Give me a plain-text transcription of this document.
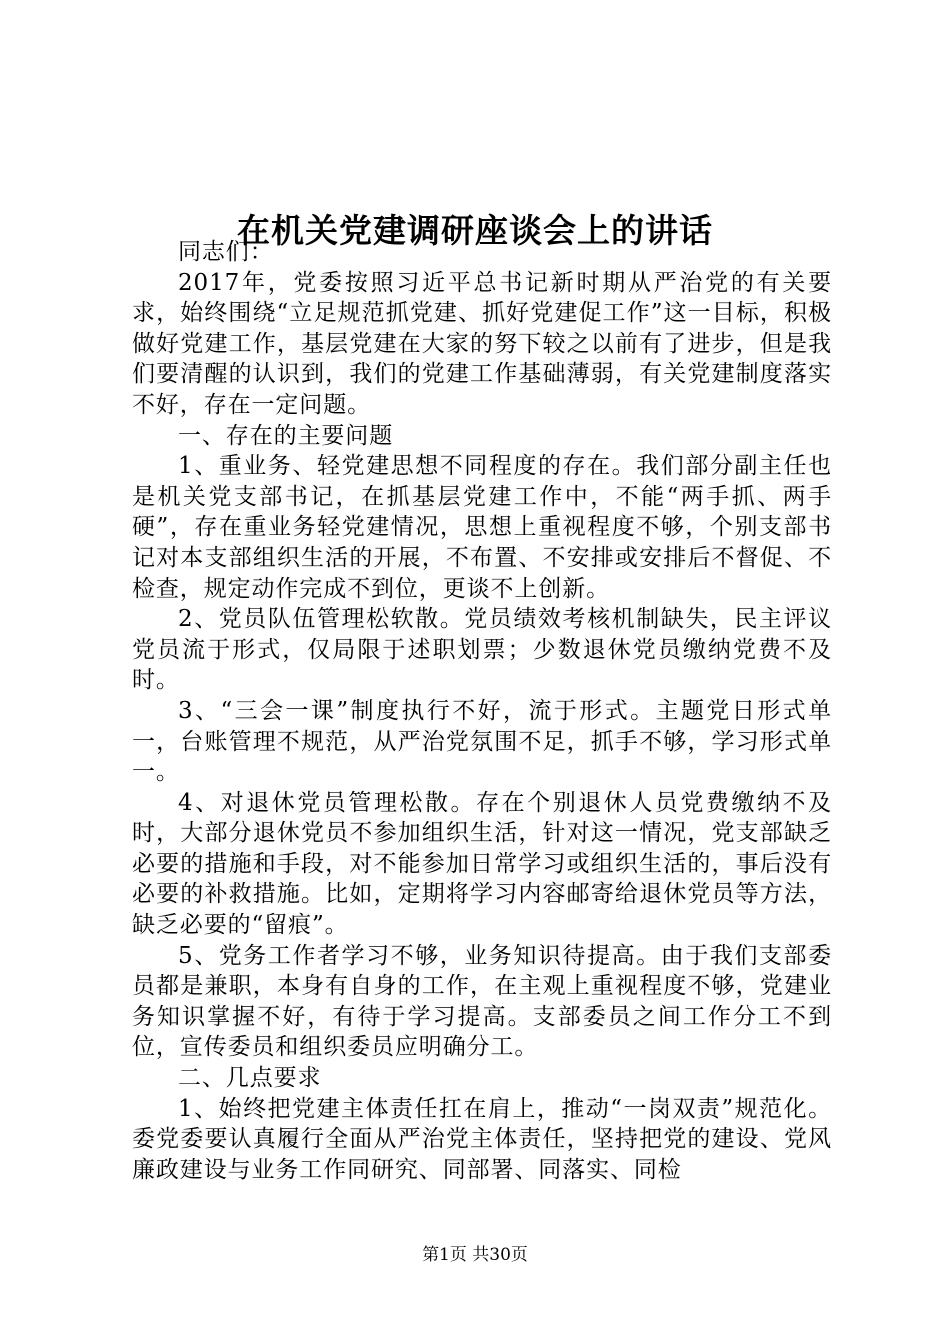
在机关党建调研座谈会上的讲话

同志们：

2017年，党委按照习近平总书记新时期从严治党的有关要求，始终围绕“立足规范抓党建、抓好党建促工作”这一目标，积极做好党建工作，基层党建在大家的努下较之以前有了进步，但是我们要清醒的认识到，我们的党建工作基础薄弱，有关党建制度落实不好，存在一定问题。

一、存在的主要问题

1、重业务、轻党建思想不同程度的存在。我们部分副主任也是机关党支部书记，在抓基层党建工作中，不能“两手抓、两手硬”，存在重业务轻党建情况，思想上重视程度不够，个别支部书记对本支部组织生活的开展，不布置、不安排或安排后不督促、不检查，规定动作完成不到位，更谈不上创新。

2、党员队伍管理松软散。党员绩效考核机制缺失，民主评议党员流于形式，仅局限于述职划票；少数退休党员缴纳党费不及时。

3、“三会一课”制度执行不好，流于形式。主题党日形式单一，台账管理不规范，从严治党氛围不足，抓手不够，学习形式单一。

4、对退休党员管理松散。存在个别退休人员党费缴纳不及时，大部分退休党员不参加组织生活，针对这一情况，党支部缺乏必要的措施和手段，对不能参加日常学习或组织生活的，事后没有必要的补救措施。比如，定期将学习内容邮寄给退休党员等方法，缺乏必要的“留痕”。

5、党务工作者学习不够，业务知识待提高。由于我们支部委员都是兼职，本身有自身的工作，在主观上重视程度不够，党建业务知识掌握不好，有待于学习提高。支部委员之间工作分工不到位，宣传委员和组织委员应明确分工。

二、几点要求

1、始终把党建主体责任扛在肩上，推动“一岗双责”规范化。委党委要认真履行全面从严治党主体责任，坚持把党的建设、党风廉政建设与业务工作同研究、同部署、同落实、同检

第1页 共30页
